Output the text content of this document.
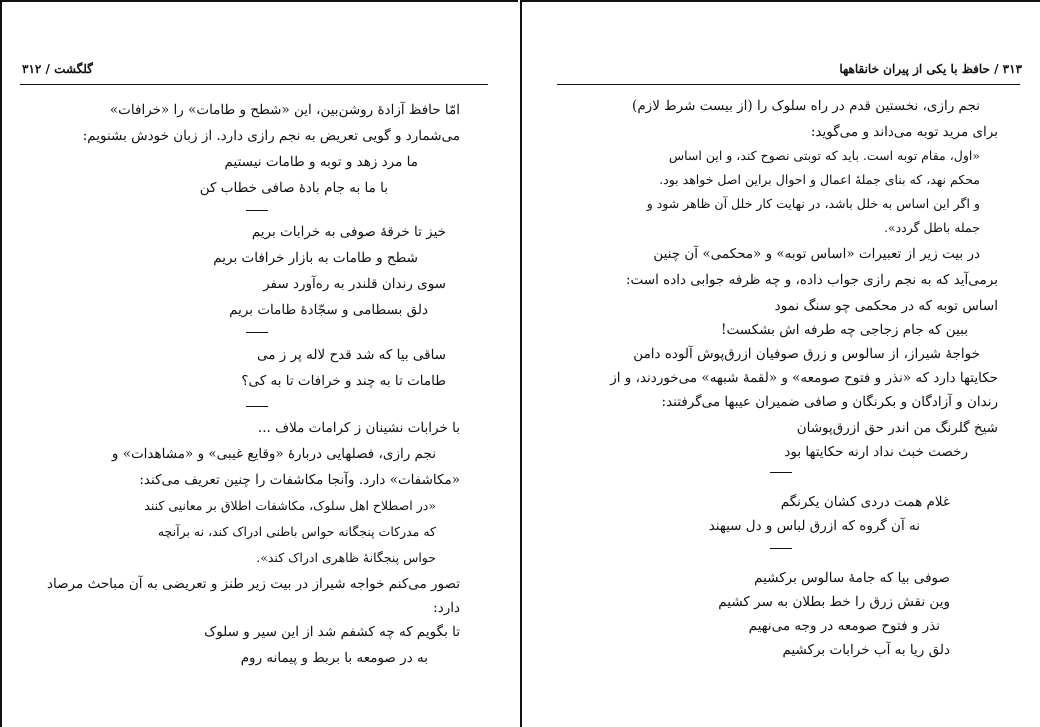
گلگشت / ۳۱۲
امّا حافظ آزادهٔ روشن‌بین، این «شطح و طامات» را «خرافات»
می‌شمارد و گویی تعریض به نجم رازی دارد. از زبان خودش بشنویم:
ما مرد زهد و توبه و طامات نیستیم
با ما به جام بادهٔ صافی خطاب کن
خیز تا خرقهٔ صوفی به خرابات بریم
شطح و طامات به بازار خرافات بریم
سوی رندان قلندر به ره‌آورد سفر
دلق بسطامی و سجّادهٔ طامات بریم
ساقی بیا که شد قدح لاله پر ز می
طامات تا به چند و خرافات تا به کی؟
با خرابات نشینان ز کرامات ملاف ...
نجم رازی، فصلهایی دربارهٔ «وقایع غیبی» و «مشاهدات» و
«مکاشفات» دارد. وآنجا مکاشفات را چنین تعریف می‌کند:
«در اصطلاح اهل سلوک، مکاشفات اطلاق بر معانیی کنند
که مدرکات پنجگانه حواس باطنی ادراک کند، نه برآنچه
حواس پنجگانهٔ ظاهری ادراک کند».
تصور می‌کنم خواجه شیراز در بیت زیر طنز و تعریضی به آن مباحث مرصاد
دارد:
تا بگویم که چه کشفم شد از این سیر و سلوک
به در صومعه با بربط و پیمانه روم
۳۱۳ / حافظ با یکی از پیران خانقاهها
نجم رازی، نخستین قدم در راه سلوک را (از بیست شرط لازم)
برای مرید توبه می‌داند و می‌گوید:
«اول، مقام توبه است. باید که توبتی نصوح کند، و این اساس
محکم نهد، که بنای جملهٔ اعمال و احوال براین اصل خواهد بود.
و اگر این اساس به خلل باشد، در نهایت کار خلل آن ظاهر شود و
جمله باطل گردد».
در بیت زیر از تعبیرات «اساس توبه» و «محکمی» آن چنین
برمی‌آید که به نجم رازی جواب داده، و چه ظرفه جوابی داده است:
اساس توبه که در محکمی چو سنگ نمود
ببین که جام زجاجی چه طرفه اش بشکست!
خواجهٔ شیراز، از سالوس و زرق صوفیان ازرق‌پوش آلوده دامن
حکایتها دارد که «نذر و فتوح صومعه» و «لقمهٔ شبهه» می‌خوردند، و از
رندان و آزادگان و بکرنگان و صافی ضمیران عیبها می‌گرفتند:
شیخ گلرنگ من اندر حق ازرق‌پوشان
رخصت خبث نداد ارنه حکایتها بود
غلام همت دردی کشان یکرنگم
نه آن گروه که ازرق لباس و دل سیهند
صوفی بیا که جامهٔ سالوس برکشیم
وین نقش زرق را خط بطلان به سر کشیم
نذر و فتوح صومعه در وجه می‌نهیم
دلق ریا به آب خرابات برکشیم
